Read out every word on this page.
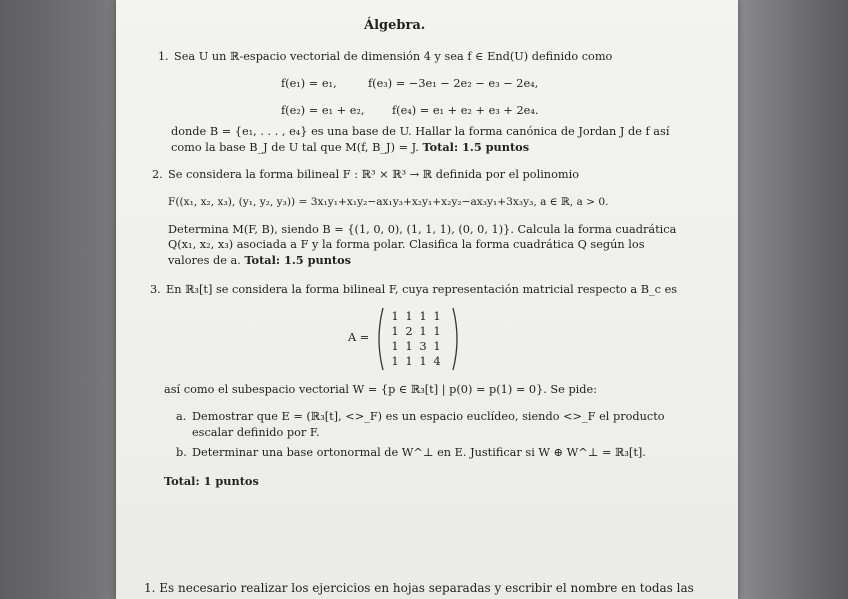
Álgebra.
1. Sea U un ℝ-espacio vectorial de dimensión 4 y sea f ∈ End(U) definido como
f(e₁) = e₁,	f(e₃) = −3e₁ − 2e₂ − e₃ − 2e₄,
f(e₂) = e₁ + e₂, f(e₄) = e₁ + e₂ + e₃ + 2e₄.
donde B = {e₁, . . . , e₄} es una base de U. Hallar la forma canónica de Jordan J de f así
como la base B_J de U tal que M(f, B_J) = J. Total: 1.5 puntos
2. Se considera la forma bilineal F : ℝ³ × ℝ³ → ℝ definida por el polinomio
F((x₁, x₂, x₃), (y₁, y₂, y₃)) = 3x₁y₁+x₁y₂−ax₁y₃+x₂y₁+x₂y₂−ax₃y₁+3x₃y₃, a ∈ ℝ, a > 0.
Determina M(F, B), siendo B = {(1, 0, 0), (1, 1, 1), (0, 0, 1)}. Calcula la forma cuadrática
Q(x₁, x₂, x₃) asociada a F y la forma polar. Clasifica la forma cuadrática Q según los
valores de a. Total: 1.5 puntos
3. En ℝ₃[t] se considera la forma bilineal F, cuya representación matricial respecto a B_c es
A =
1 1 1 1
1 2 1 1
1 1 3 1
1 1 1 4
así como el subespacio vectorial W = {p ∈ ℝ₃[t] | p(0) = p(1) = 0}. Se pide:
a. Demostrar que E = (ℝ₃[t], <>_F) es un espacio euclídeo, siendo <>_F el producto
escalar definido por F.
b. Determinar una base ortonormal de W^⊥ en E. Justificar si W ⊕ W^⊥ = ℝ₃[t].
Total: 1 puntos
1. Es necesario realizar los ejercicios en hojas separadas y escribir el nombre en todas las
